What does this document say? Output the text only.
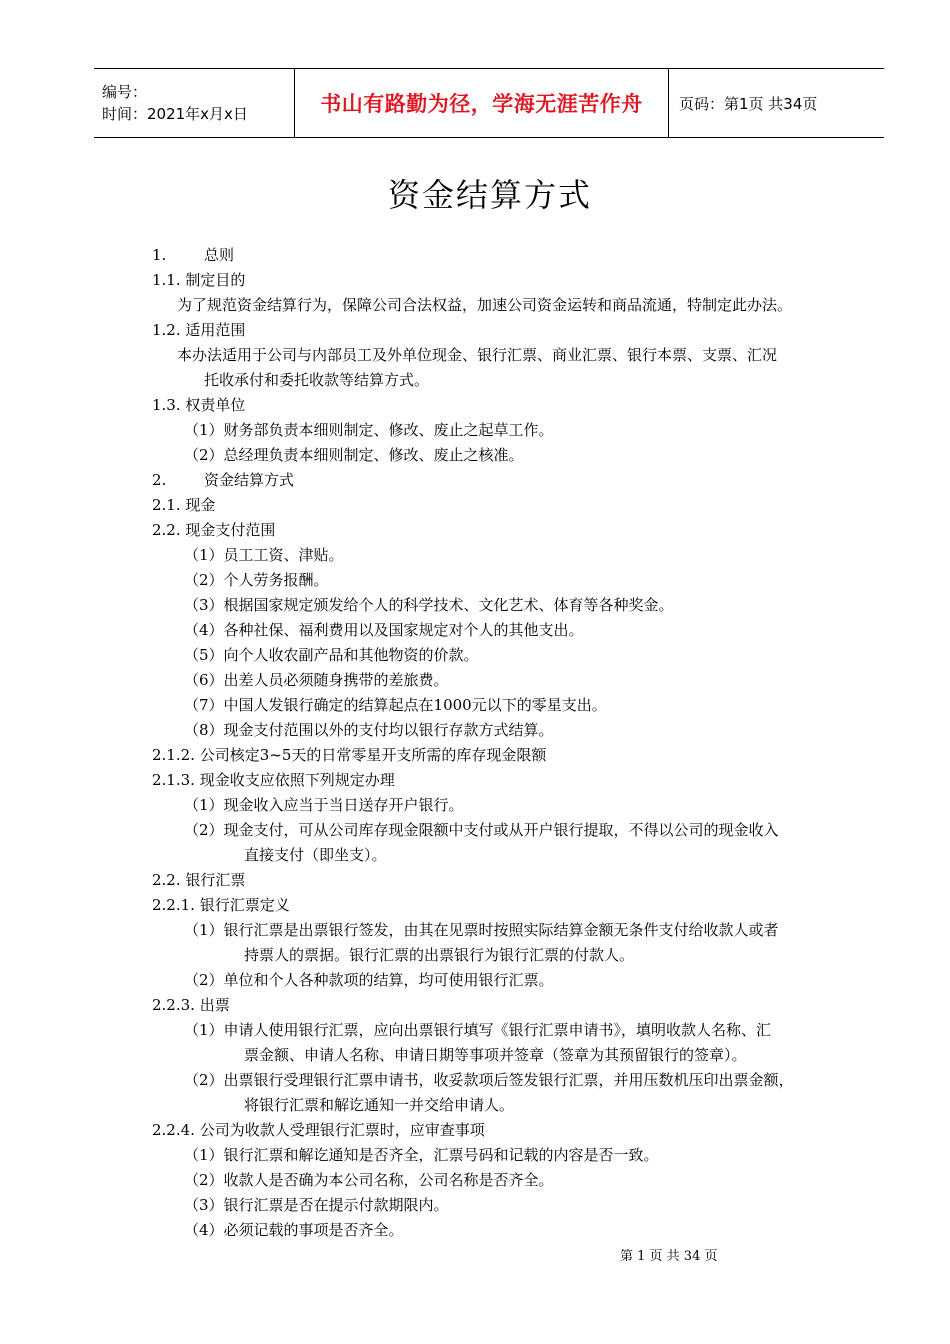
编号：
时间：2021年x月x日	书山有路勤为径，学海无涯苦作舟	页码：第1页 共34页
资金结算方式
1.	总则
1.1. 制定目的
为了规范资金结算行为，保障公司合法权益，加速公司资金运转和商品流通，特制定此办法。
1.2. 适用范围
本办法适用于公司与内部员工及外单位现金、银行汇票、商业汇票、银行本票、支票、汇况
托收承付和委托收款等结算方式。
1.3. 权责单位
（1）财务部负责本细则制定、修改、废止之起草工作。
（2）总经理负责本细则制定、修改、废止之核准。
2.	资金结算方式
2.1. 现金
2.2. 现金支付范围
（1）员工工资、津贴。
（2）个人劳务报酬。
（3）根据国家规定颁发给个人的科学技术、文化艺术、体育等各种奖金。
（4）各种社保、福利费用以及国家规定对个人的其他支出。
（5）向个人收农副产品和其他物资的价款。
（6）出差人员必须随身携带的差旅费。
（7）中国人发银行确定的结算起点在1000元以下的零星支出。
（8）现金支付范围以外的支付均以银行存款方式结算。
2.1.2. 公司核定3~5天的日常零星开支所需的库存现金限额
2.1.3. 现金收支应依照下列规定办理
（1）现金收入应当于当日送存开户银行。
（2）现金支付，可从公司库存现金限额中支付或从开户银行提取，不得以公司的现金收入
直接支付（即坐支）。
2.2. 银行汇票
2.2.1. 银行汇票定义
（1）银行汇票是出票银行签发，由其在见票时按照实际结算金额无条件支付给收款人或者
持票人的票据。银行汇票的出票银行为银行汇票的付款人。
（2）单位和个人各种款项的结算，均可使用银行汇票。
2.2.3. 出票
（1）申请人使用银行汇票，应向出票银行填写《银行汇票申请书》，填明收款人名称、汇
票金额、申请人名称、申请日期等事项并签章（签章为其预留银行的签章）。
（2）出票银行受理银行汇票申请书，收妥款项后签发银行汇票，并用压数机压印出票金额，
将银行汇票和解讫通知一并交给申请人。
2.2.4. 公司为收款人受理银行汇票时，应审查事项
（1）银行汇票和解讫通知是否齐全，汇票号码和记载的内容是否一致。
（2）收款人是否确为本公司名称，公司名称是否齐全。
（3）银行汇票是否在提示付款期限内。
（4）必须记载的事项是否齐全。
第 1 页 共 34 页
